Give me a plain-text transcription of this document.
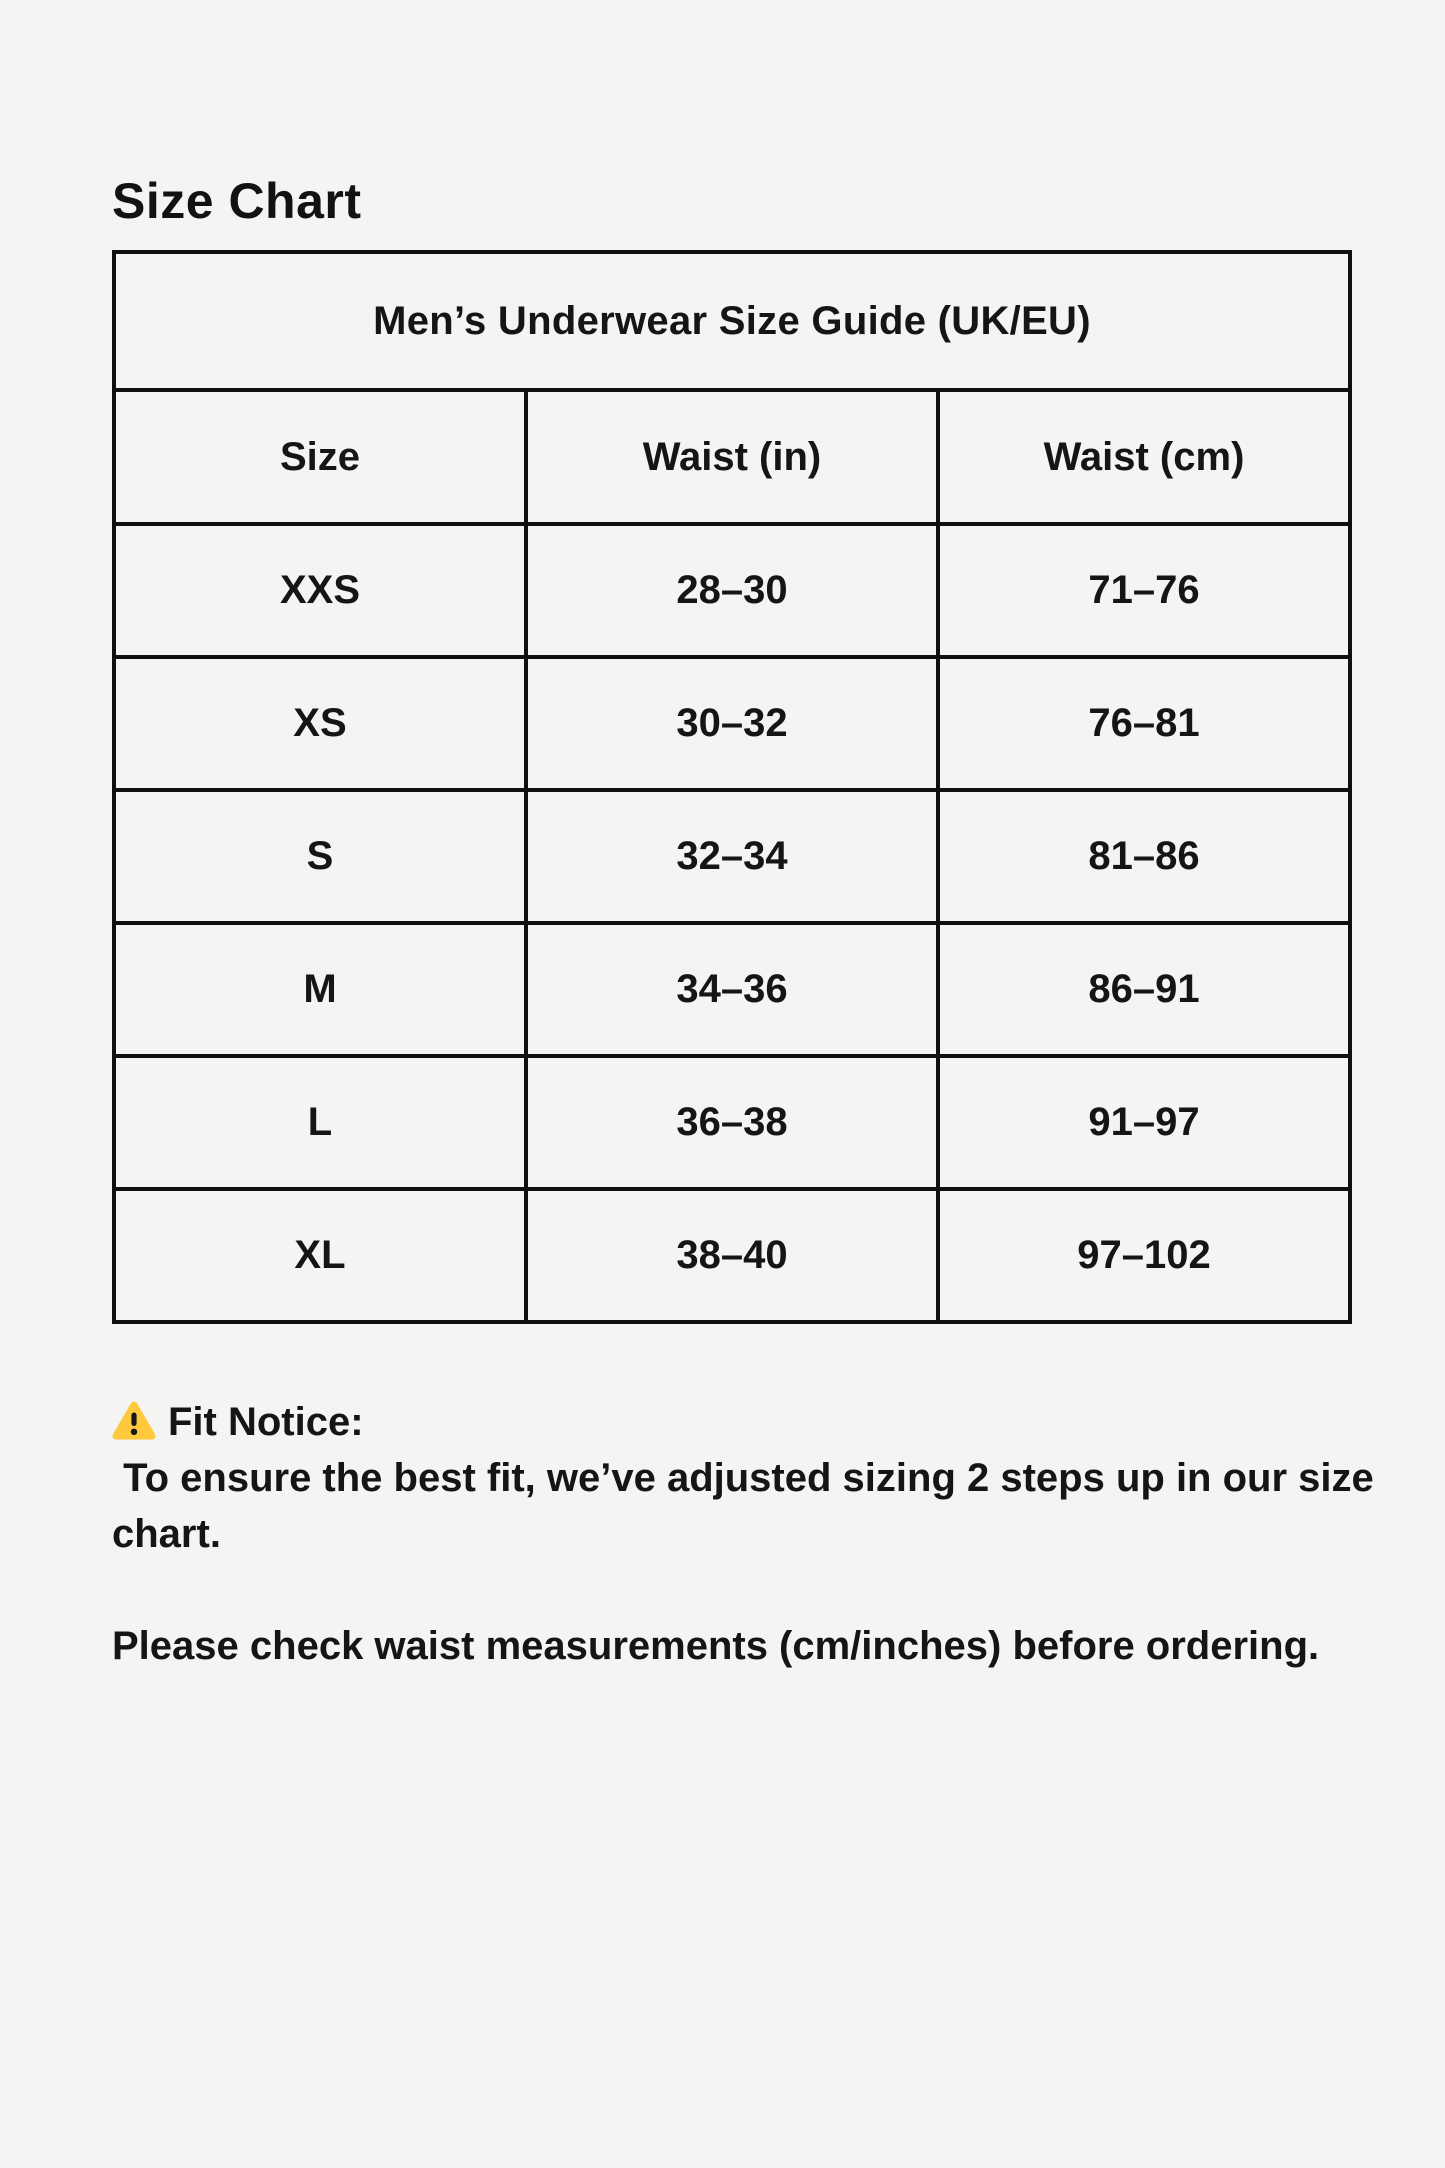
Size Chart
Men’s Underwear Size Guide (UK/EU)		
Size	Waist (in)	Waist (cm)
XXS	28–30	71–76
XS	30–32	76–81
S	32–34	81–86
M	34–36	86–91
L	36–38	91–97
XL	38–40	97–102
Fit Notice:
To ensure the best fit, we’ve adjusted sizing 2 steps up in our size chart.
Please check waist measurements (cm/inches) before ordering.
